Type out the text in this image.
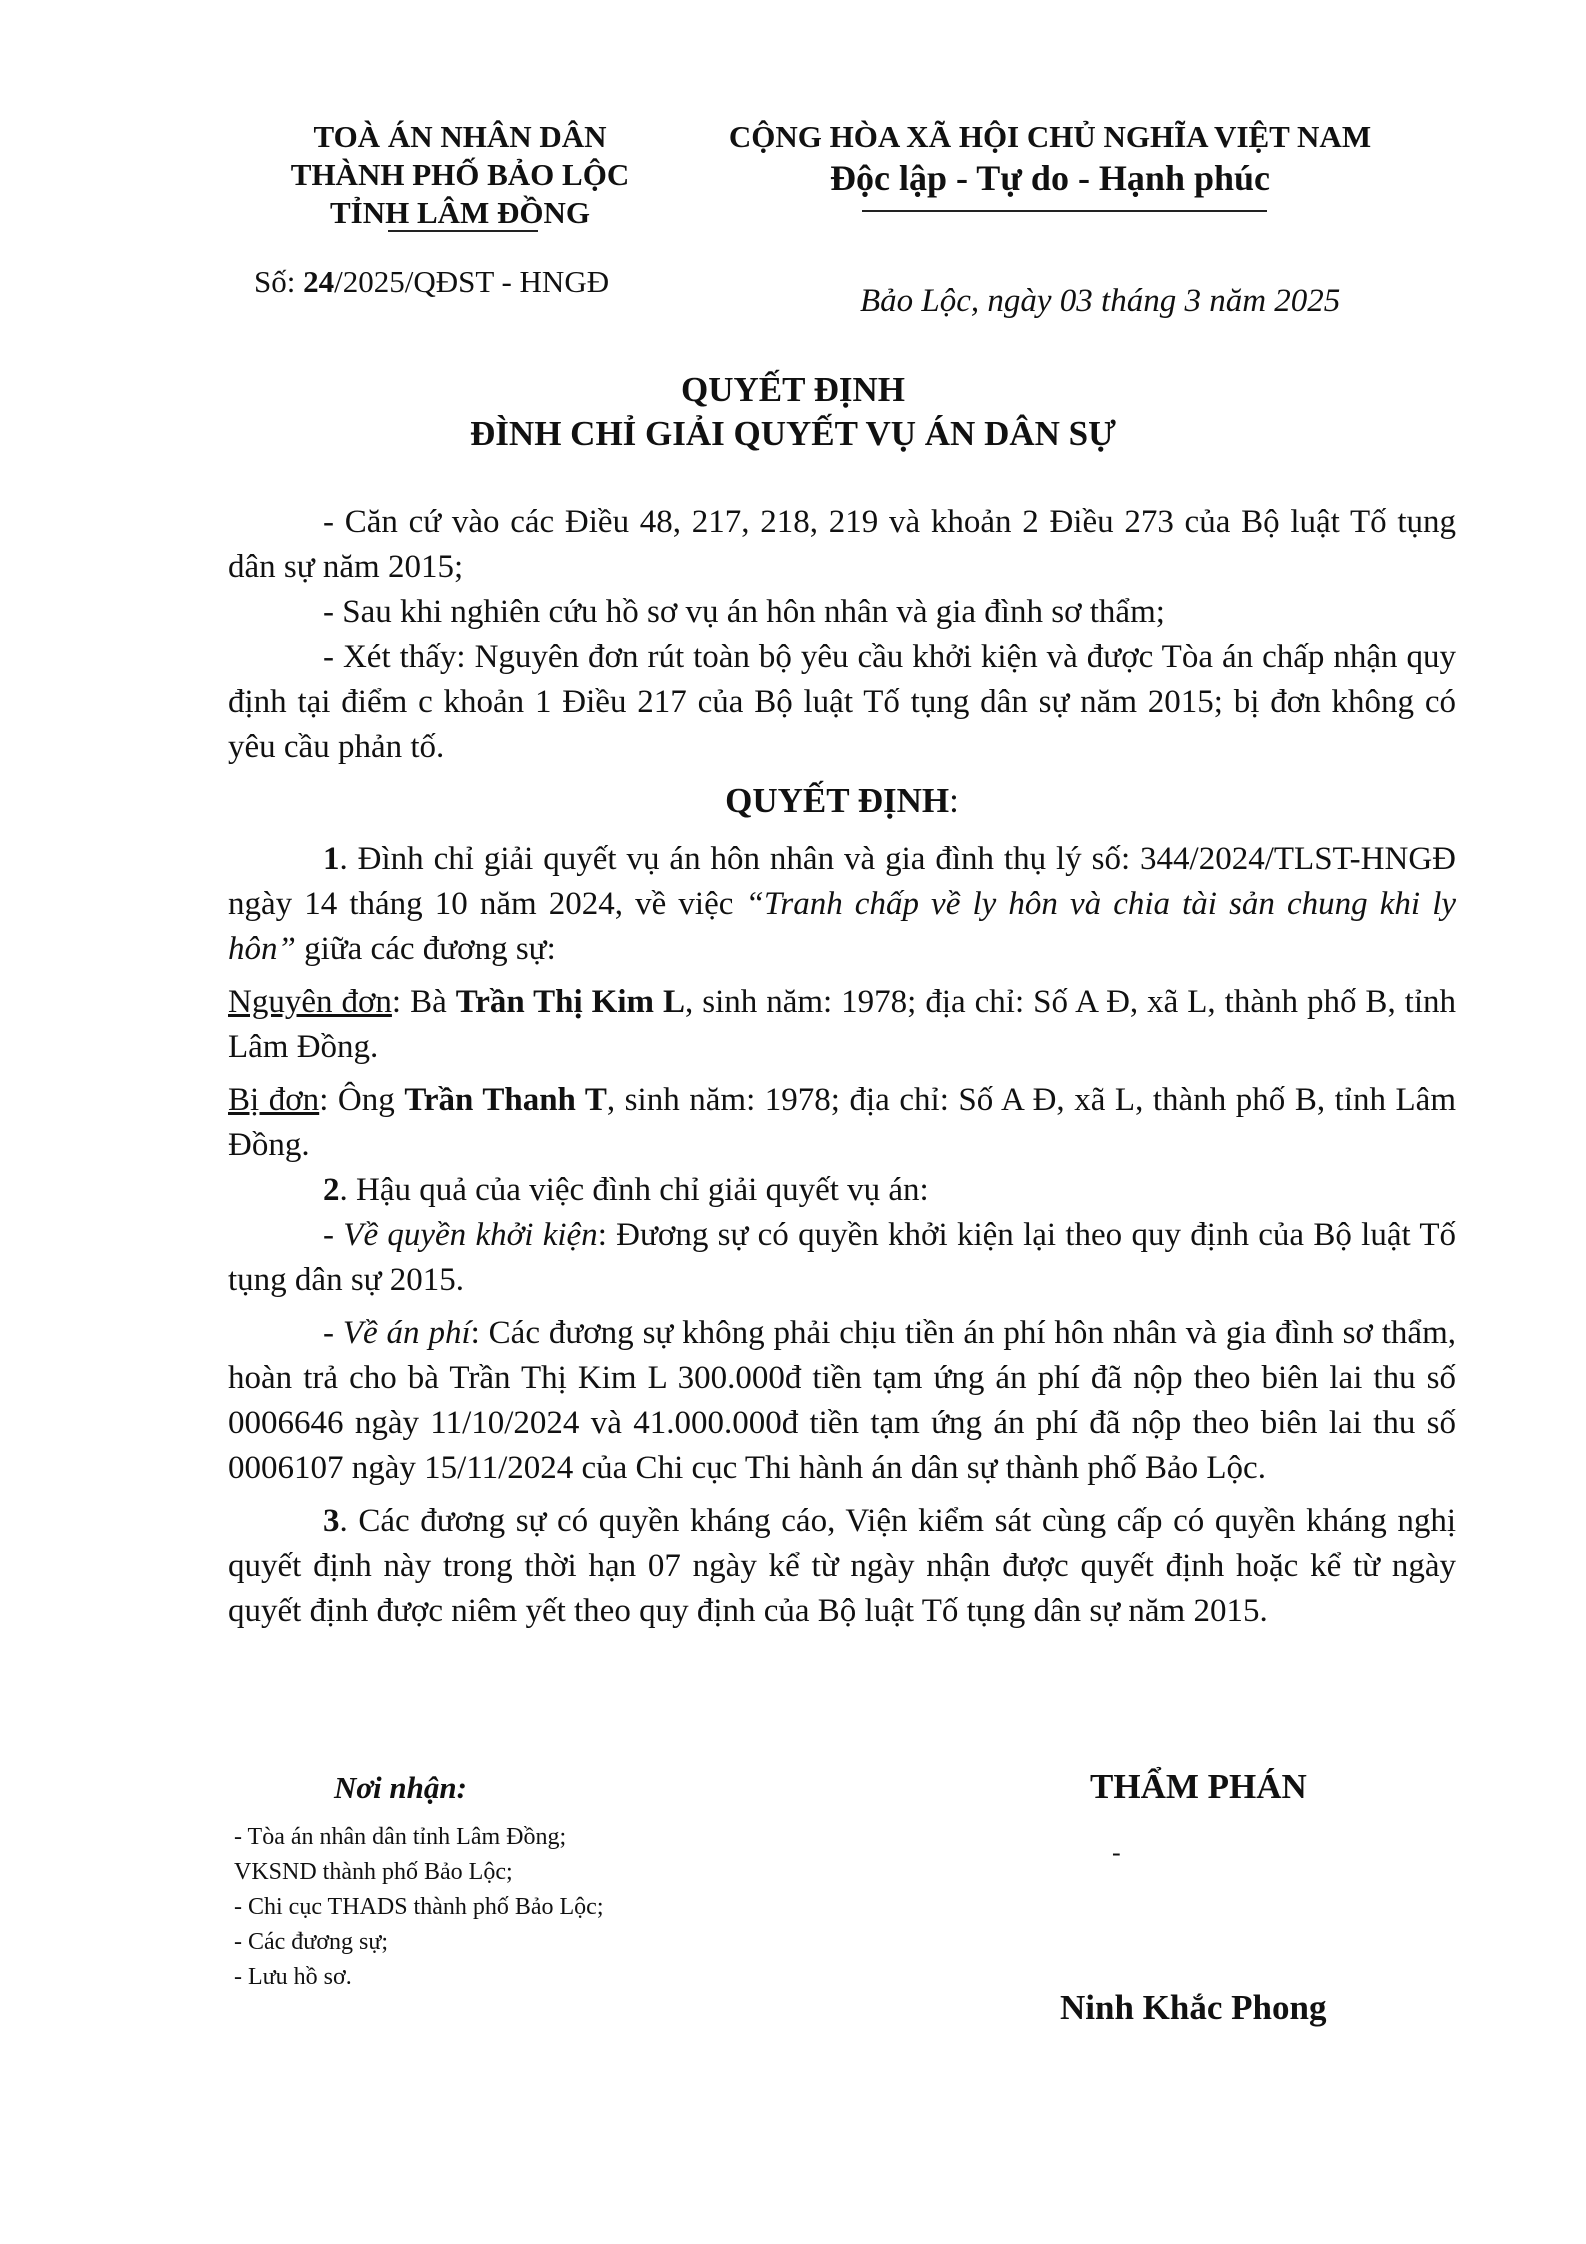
TOÀ ÁN NHÂN DÂN
THÀNH PHỐ BẢO LỘC
TỈNH LÂM ĐỒNG
CỘNG HÒA XÃ HỘI CHỦ NGHĨA VIỆT NAM
Độc lập - Tự do - Hạnh phúc
Số: 24/2025/QĐST - HNGĐ
Bảo Lộc, ngày 03 tháng 3 năm 2025
QUYẾT ĐỊNH
ĐÌNH CHỈ GIẢI QUYẾT VỤ ÁN DÂN SỰ

- Căn cứ vào các Điều 48, 217, 218, 219 và khoản 2 Điều 273 của Bộ luật Tố tụng dân sự năm 2015;

- Sau khi nghiên cứu hồ sơ vụ án hôn nhân và gia đình sơ thẩm;

- Xét thấy: Nguyên đơn rút toàn bộ yêu cầu khởi kiện và được Tòa án chấp nhận quy định tại điểm c khoản 1 Điều 217 của Bộ luật Tố tụng dân sự năm 2015; bị đơn không có yêu cầu phản tố.

QUYẾT ĐỊNH:

1. Đình chỉ giải quyết vụ án hôn nhân và gia đình thụ lý số: 344/2024/TLST-HNGĐ ngày 14 tháng 10 năm 2024, về việc “Tranh chấp về ly hôn và chia tài sản chung khi ly hôn” giữa các đương sự:

Nguyên đơn: Bà Trần Thị Kim L, sinh năm: 1978; địa chỉ: Số A Đ, xã L, thành phố B, tỉnh Lâm Đồng.

Bị đơn: Ông Trần Thanh T, sinh năm: 1978; địa chỉ: Số A Đ, xã L, thành phố B, tỉnh Lâm Đồng.

2. Hậu quả của việc đình chỉ giải quyết vụ án:

- Về quyền khởi kiện: Đương sự có quyền khởi kiện lại theo quy định của Bộ luật Tố tụng dân sự 2015.

- Về án phí: Các đương sự không phải chịu tiền án phí hôn nhân và gia đình sơ thẩm, hoàn trả cho bà Trần Thị Kim L 300.000đ tiền tạm ứng án phí đã nộp theo biên lai thu số 0006646 ngày 11/10/2024 và 41.000.000đ tiền tạm ứng án phí đã nộp theo biên lai thu số 0006107 ngày 15/11/2024 của Chi cục Thi hành án dân sự thành phố Bảo Lộc.

3. Các đương sự có quyền kháng cáo, Viện kiểm sát cùng cấp có quyền kháng nghị quyết định này trong thời hạn 07 ngày kể từ ngày nhận được quyết định hoặc kể từ ngày quyết định được niêm yết theo quy định của Bộ luật Tố tụng dân sự năm 2015.

Nơi nhận:
- Tòa án nhân dân tỉnh Lâm Đồng;
VKSND thành phố Bảo Lộc;
- Chi cục THADS thành phố Bảo Lộc;
- Các đương sự;
- Lưu hồ sơ.
THẨM PHÁN
-
Ninh Khắc Phong
